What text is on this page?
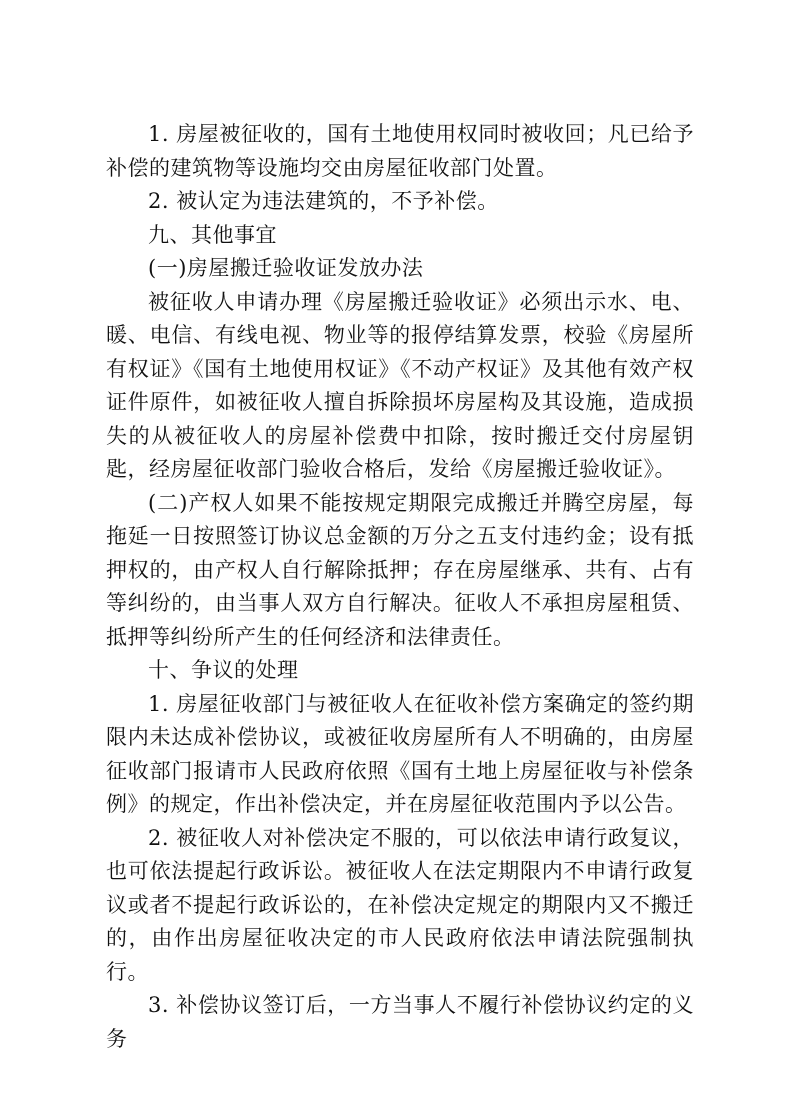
1. 房屋被征收的，国有土地使用权同时被收回；凡已给予补偿的建筑物等设施均交由房屋征收部门处置。

2. 被认定为违法建筑的，不予补偿。

九、其他事宜

(一)房屋搬迁验收证发放办法

被征收人申请办理《房屋搬迁验收证》必须出示水、电、暖、电信、有线电视、物业等的报停结算发票，校验《房屋所有权证》《国有土地使用权证》《不动产权证》及其他有效产权证件原件，如被征收人擅自拆除损坏房屋构及其设施，造成损失的从被征收人的房屋补偿费中扣除，按时搬迁交付房屋钥匙，经房屋征收部门验收合格后，发给《房屋搬迁验收证》。

(二)产权人如果不能按规定期限完成搬迁并腾空房屋，每拖延一日按照签订协议总金额的万分之五支付违约金；设有抵押权的，由产权人自行解除抵押；存在房屋继承、共有、占有等纠纷的，由当事人双方自行解决。征收人不承担房屋租赁、抵押等纠纷所产生的任何经济和法律责任。

十、争议的处理

1. 房屋征收部门与被征收人在征收补偿方案确定的签约期限内未达成补偿协议，或被征收房屋所有人不明确的，由房屋征收部门报请市人民政府依照《国有土地上房屋征收与补偿条例》的规定，作出补偿决定，并在房屋征收范围内予以公告。

2. 被征收人对补偿决定不服的，可以依法申请行政复议，也可依法提起行政诉讼。被征收人在法定期限内不申请行政复议或者不提起行政诉讼的，在补偿决定规定的期限内又不搬迁的，由作出房屋征收决定的市人民政府依法申请法院强制执行。

3. 补偿协议签订后，一方当事人不履行补偿协议约定的义务
